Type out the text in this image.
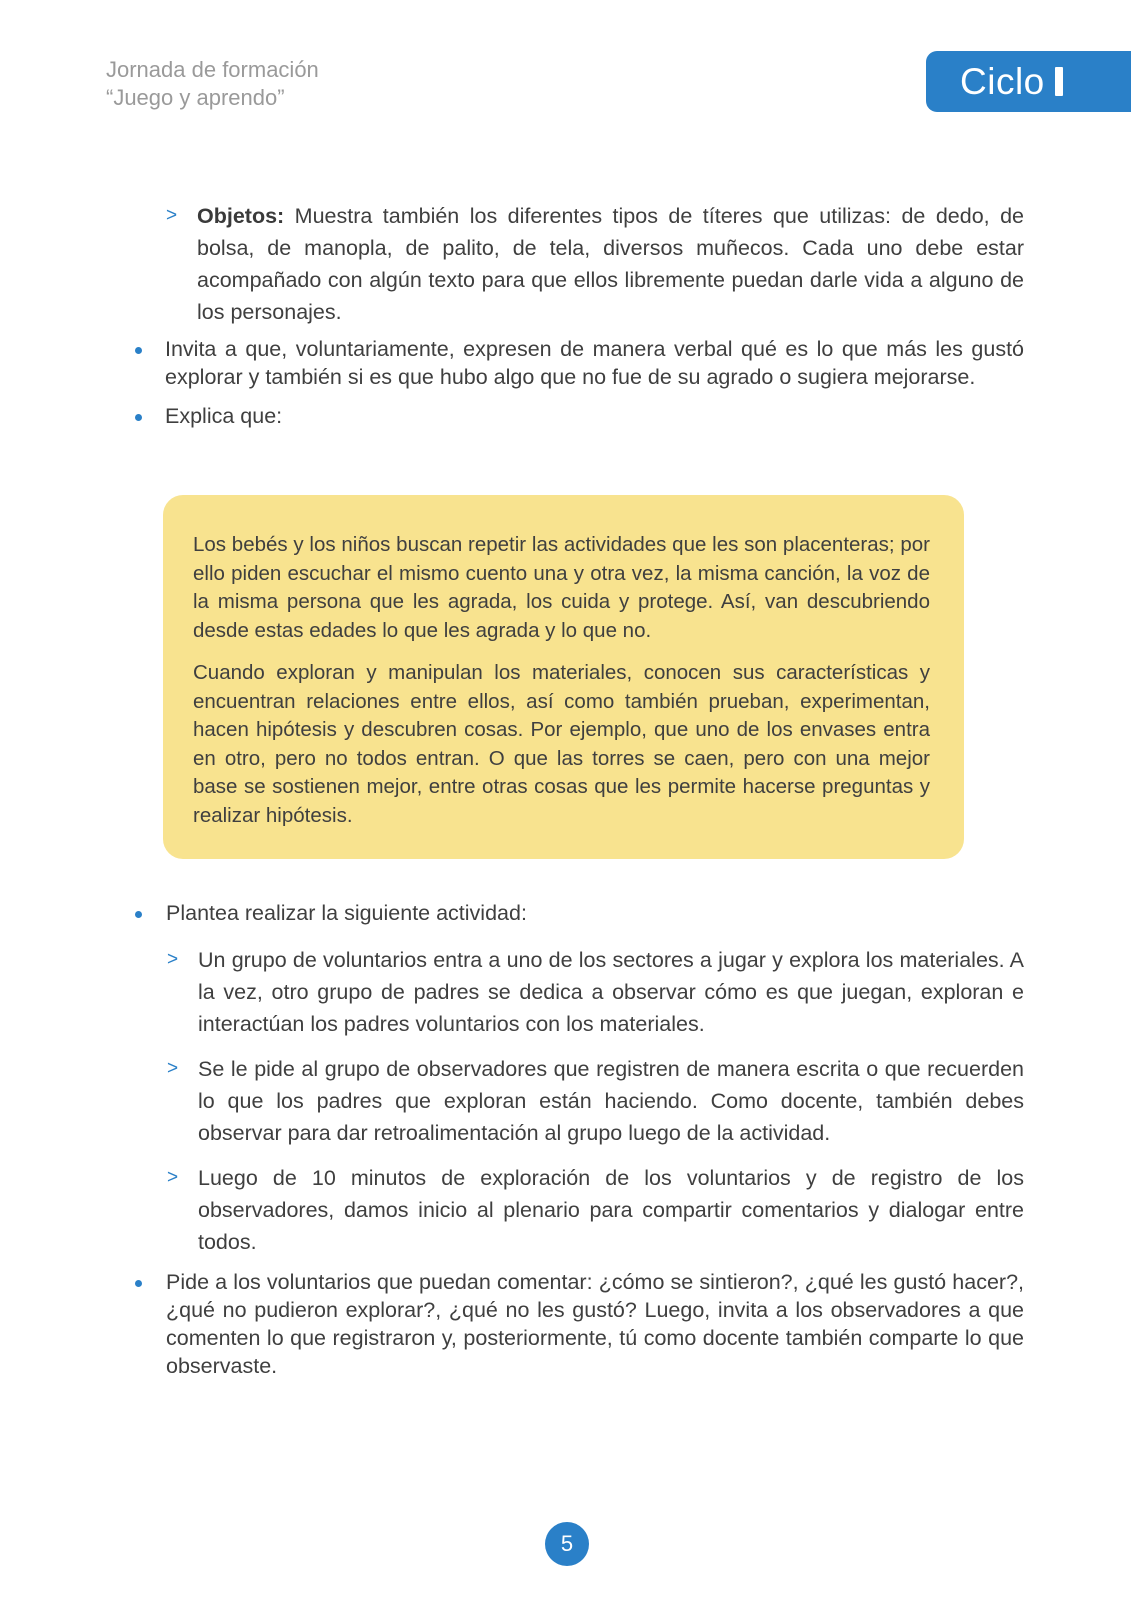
Jornada de formación
“Juego y aprendo”	Ciclo
> Objetos: Muestra también los diferentes tipos de títeres que utilizas: de dedo, de bolsa, de manopla, de palito, de tela, diversos muñecos. Cada uno debe estar acompañado con algún texto para que ellos libremente puedan darle vida a alguno de los personajes.

Invita a que, voluntariamente, expresen de manera verbal qué es lo que más les gustó explorar y también si es que hubo algo que no fue de su agrado o sugiera mejorarse.

Explica que:

Plantea realizar la siguiente actividad:

> Un grupo de voluntarios entra a uno de los sectores a jugar y explora los materiales. A la vez, otro grupo de padres se dedica a observar cómo es que juegan, exploran e interactúan los padres voluntarios con los materiales.

> Se le pide al grupo de observadores que registren de manera escrita o que recuerden lo que los padres que exploran están haciendo. Como docente, también debes observar para dar retroalimentación al grupo luego de la actividad.

> Luego de 10 minutos de exploración de los voluntarios y de registro de los observadores, damos inicio al plenario para compartir comentarios y dialogar entre todos.

Pide a los voluntarios que puedan comentar: ¿cómo se sintieron?, ¿qué les gustó hacer?, ¿qué no pudieron explorar?, ¿qué no les gustó? Luego, invita a los observadores a que comenten lo que registraron y, posteriormente, tú como docente también comparte lo que observaste.

Los bebés y los niños buscan repetir las actividades que les son placenteras; por ello piden escuchar el mismo cuento una y otra vez, la misma canción, la voz de la misma persona que les agrada, los cuida y protege. Así, van descubriendo desde estas edades lo que les agrada y lo que no.

Cuando exploran y manipulan los materiales, conocen sus características y encuentran relaciones entre ellos, así como también prueban, experimentan, hacen hipótesis y descubren cosas. Por ejemplo, que uno de los envases entra en otro, pero no todos entran. O que las torres se caen, pero con una mejor base se sostienen mejor, entre otras cosas que les permite hacerse preguntas y realizar hipótesis.

5
